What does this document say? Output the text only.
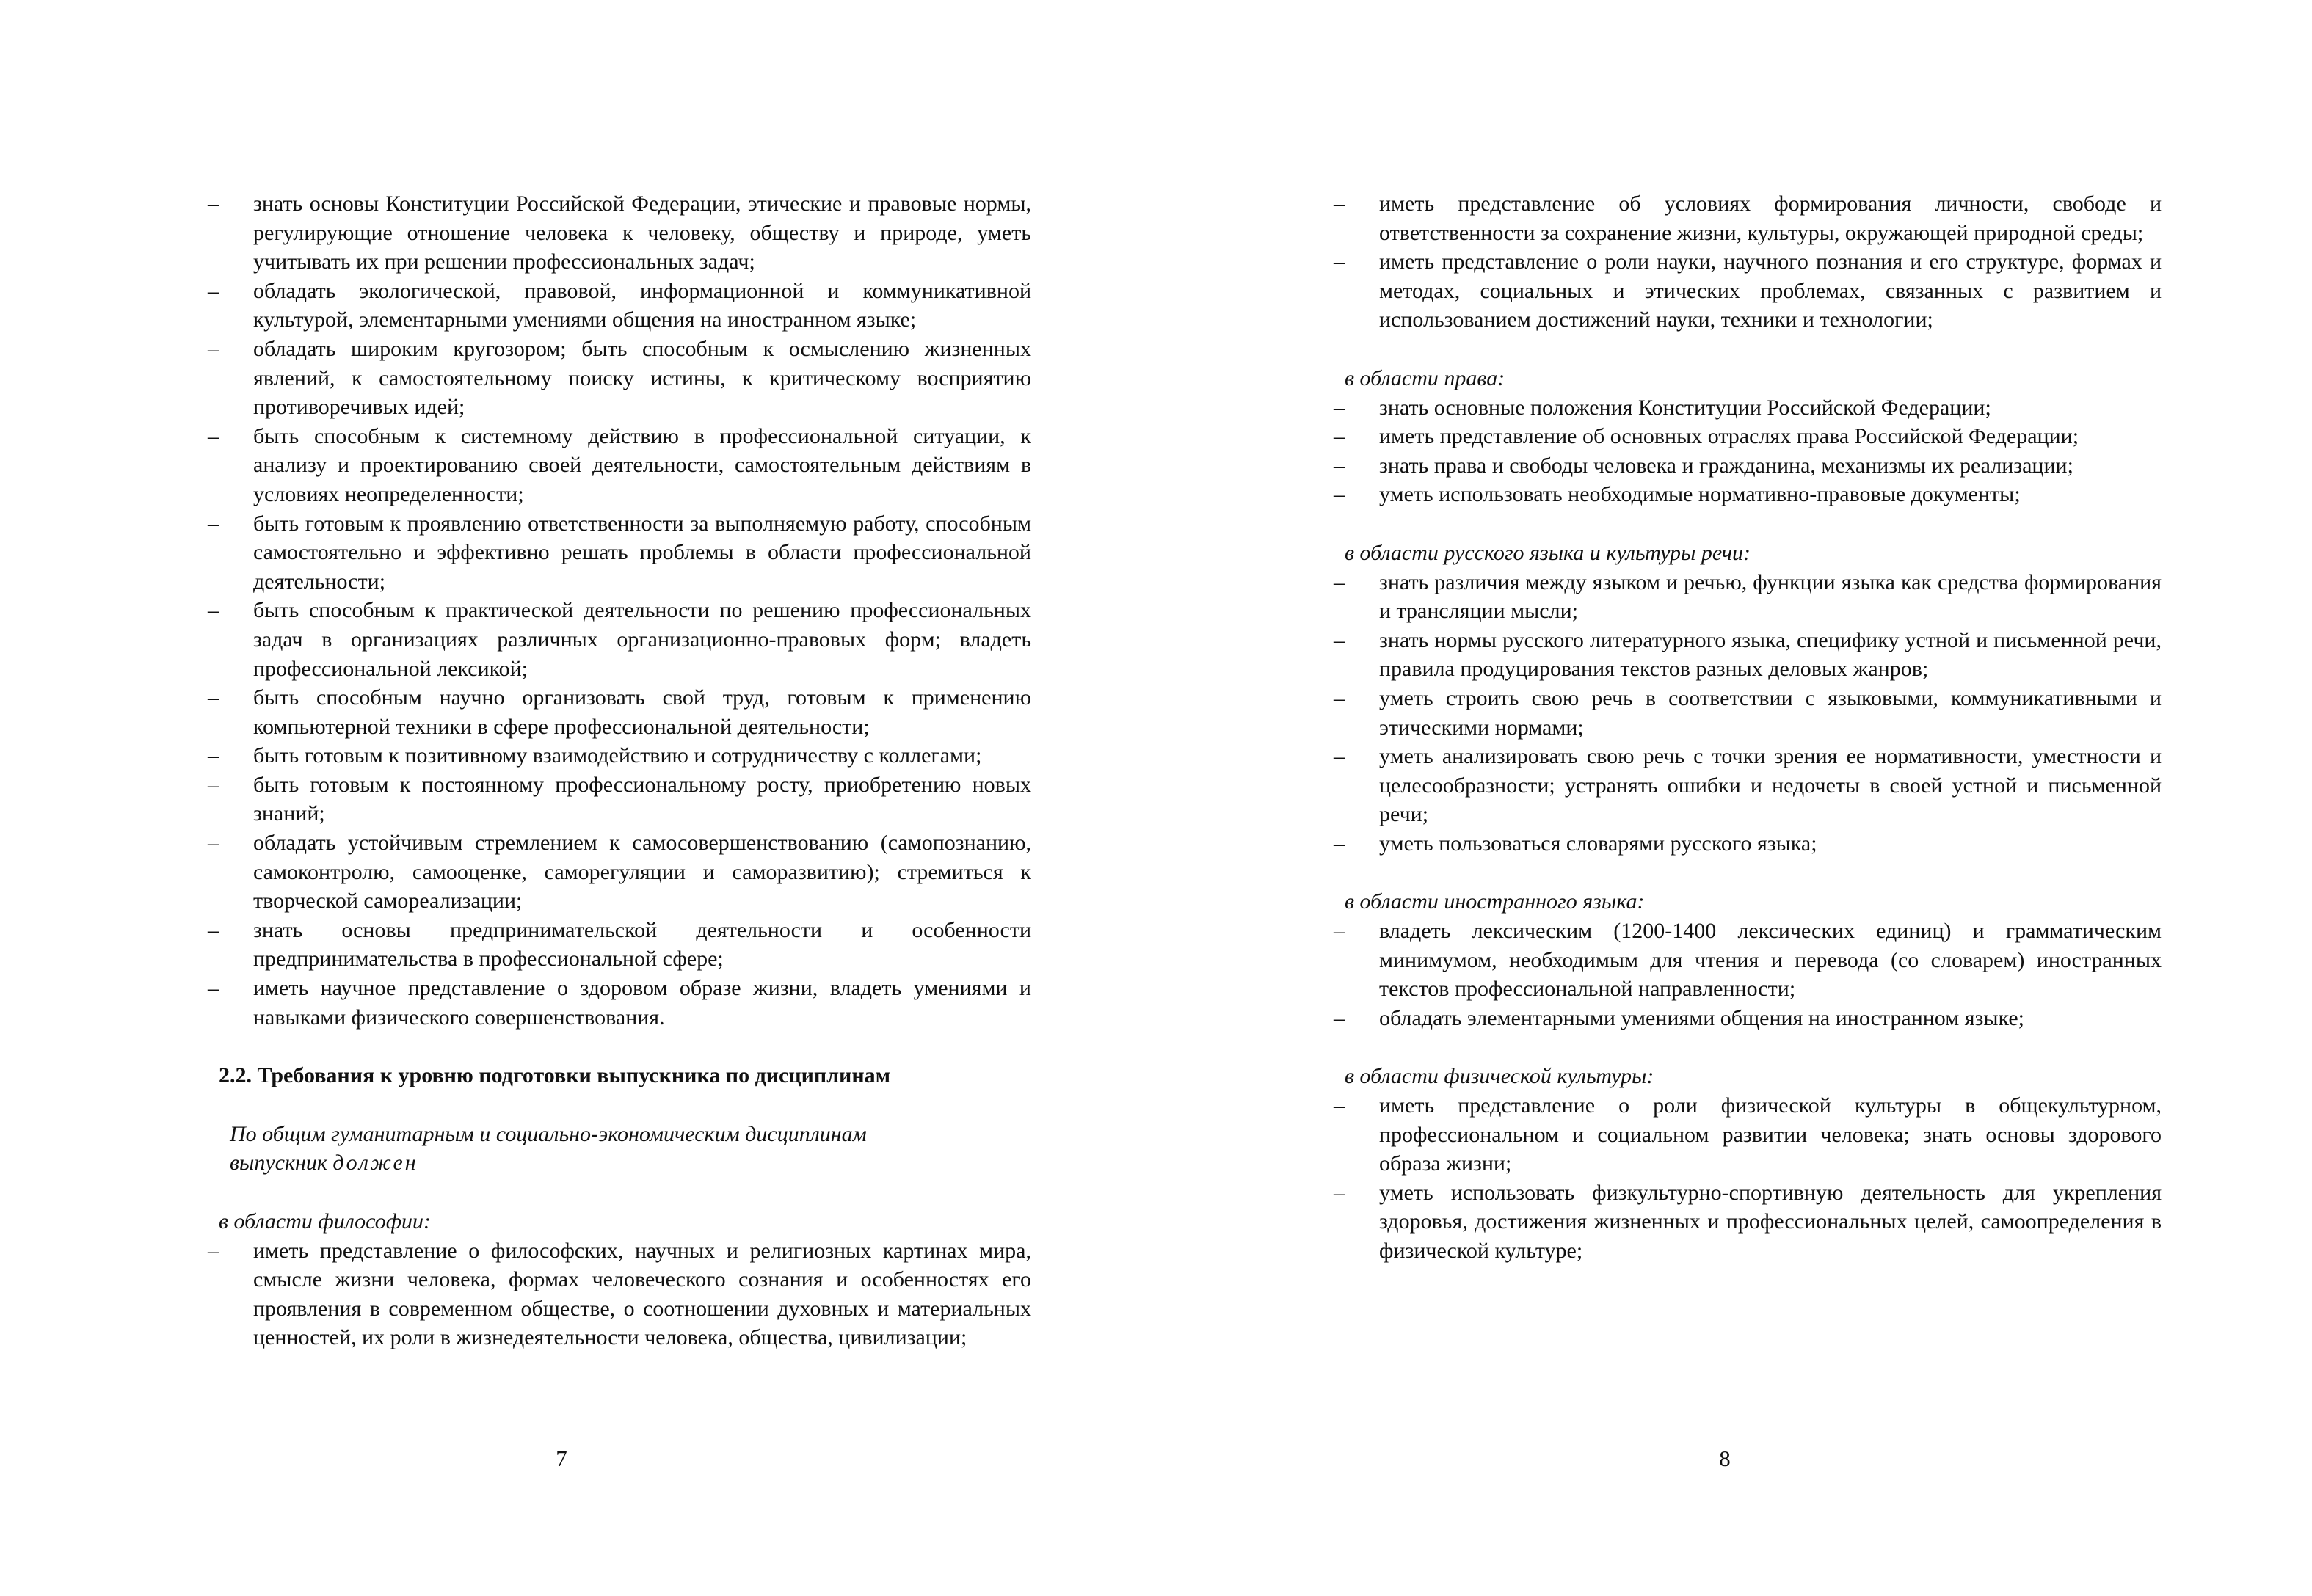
–	знать основы Конституции Российской Федерации, этические и правовые нормы, регулирующие отношение человека к человеку, обществу и природе, уметь учитывать их при решении профессиональных задач;
–	обладать экологической, правовой, информационной и коммуникативной культурой, элементарными умениями общения на иностранном языке;
–	обладать широким кругозором; быть способным к осмыслению жизненных явлений, к самостоятельному поиску истины, к критическому восприятию противоречивых идей;
–	быть способным к системному действию в профессиональной ситуации, к анализу и проектированию своей деятельности, самостоятельным действиям в условиях неопределенности;
–	быть готовым к проявлению ответственности за выполняемую работу, способным самостоятельно и эффективно решать проблемы в области профессиональной деятельности;
–	быть способным к практической деятельности по решению профессиональных задач в организациях различных организационно-правовых форм; владеть профессиональной лексикой;
–	быть способным научно организовать свой труд, готовым к применению компьютерной техники в сфере профессиональной деятельности;
–	быть готовым к позитивному взаимодействию и сотрудничеству с коллегами;
–	быть готовым к постоянному профессиональному росту, приобретению новых знаний;
–	обладать устойчивым стремлением к самосовершенствованию (самопознанию, самоконтролю, самооценке, саморегуляции и саморазвитию); стремиться к творческой самореализации;
–	знать основы предпринимательской деятельности и особенности предпринимательства в профессиональной сфере;
–	иметь научное представление о здоровом образе жизни, владеть умениями и навыками физического совершенствования.

2.2. Требования к уровню подготовки выпускника по дисциплинам

По общим гуманитарным и социально-экономическим дисциплинам
выпускник должен

в области философии:

–	иметь представление о философских, научных и религиозных картинах мира, смысле жизни человека, формах человеческого сознания и особенностях его проявления в современном обществе, о соотношении духовных и материальных ценностей, их роли в жизнедеятельности человека, общества, цивилизации;
7
–	иметь представление об условиях формирования личности, свободе и ответственности за сохранение жизни, культуры, окружающей природной среды;
–	иметь представление о роли науки, научного познания и его структуре, формах и методах, социальных и этических проблемах, связанных с развитием и использованием достижений науки, техники и технологии;

в области права:

–	знать основные положения Конституции Российской Федерации;
–	иметь представление об основных отраслях права Российской Федерации;
–	знать права и свободы человека и гражданина, механизмы их реализации;
–	уметь использовать необходимые нормативно-правовые документы;

в области русского языка и культуры речи:

–	знать различия между языком и речью, функции языка как средства формирования и трансляции мысли;
–	знать нормы русского литературного языка, специфику устной и письменной речи, правила продуцирования текстов разных деловых жанров;
–	уметь строить свою речь в соответствии с языковыми, коммуникативными и этическими нормами;
–	уметь анализировать свою речь с точки зрения ее нормативности, уместности и целесообразности; устранять ошибки и недочеты в своей устной и письменной речи;
–	уметь пользоваться словарями русского языка;

в области иностранного языка:

–	владеть лексическим (1200-1400 лексических единиц) и грамматическим минимумом, необходимым для чтения и перевода (со словарем) иностранных текстов профессиональной направленности;
–	обладать элементарными умениями общения на иностранном языке;

в области физической культуры:

–	иметь представление о роли физической культуры в общекультурном, профессиональном и социальном развитии человека; знать основы здорового образа жизни;
–	уметь использовать физкультурно-спортивную деятельность для укрепления здоровья, достижения жизненных и профессиональных целей, самоопределения в физической культуре;
8
